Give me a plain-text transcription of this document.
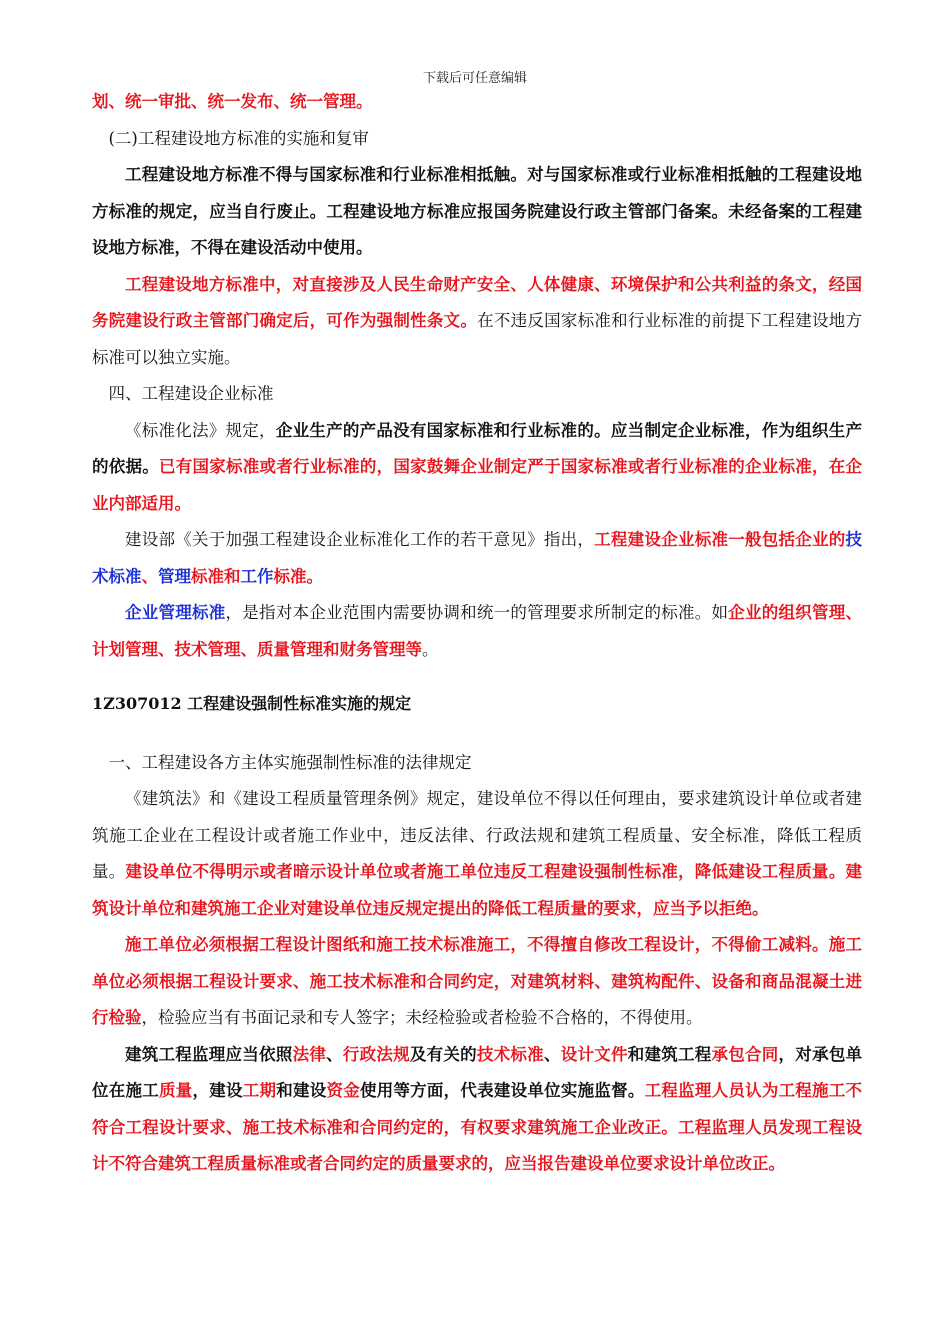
下载后可任意编辑

划、统一审批、统一发布、统一管理。

(二)工程建设地方标准的实施和复审

工程建设地方标准不得与国家标准和行业标准相抵触。对与国家标准或行业标准相抵触的工程建设地方标准的规定，应当自行废止。工程建设地方标准应报国务院建设行政主管部门备案。未经备案的工程建设地方标准，不得在建设活动中使用。

工程建设地方标准中，对直接涉及人民生命财产安全、人体健康、环境保护和公共利益的条文，经国务院建设行政主管部门确定后，可作为强制性条文。在不违反国家标准和行业标准的前提下工程建设地方标准可以独立实施。

四、工程建设企业标准

《标准化法》规定，企业生产的产品没有国家标准和行业标准的。应当制定企业标准，作为组织生产的依据。已有国家标准或者行业标准的，国家鼓舞企业制定严于国家标准或者行业标准的企业标准，在企业内部适用。

建设部《关于加强工程建设企业标准化工作的若干意见》指出，工程建设企业标准一般包括企业的技术标准、管理标准和工作标准。

企业管理标准，是指对本企业范围内需要协调和统一的管理要求所制定的标准。如企业的组织管理、计划管理、技术管理、质量管理和财务管理等。

1Z307012 工程建设强制性标准实施的规定

一、工程建设各方主体实施强制性标准的法律规定

《建筑法》和《建设工程质量管理条例》规定，建设单位不得以任何理由，要求建筑设计单位或者建筑施工企业在工程设计或者施工作业中，违反法律、行政法规和建筑工程质量、安全标准，降低工程质量。建设单位不得明示或者暗示设计单位或者施工单位违反工程建设强制性标准，降低建设工程质量。建筑设计单位和建筑施工企业对建设单位违反规定提出的降低工程质量的要求，应当予以拒绝。

施工单位必须根据工程设计图纸和施工技术标准施工，不得擅自修改工程设计，不得偷工减料。施工单位必须根据工程设计要求、施工技术标准和合同约定，对建筑材料、建筑构配件、设备和商品混凝土进行检验，检验应当有书面记录和专人签字；未经检验或者检验不合格的，不得使用。

建筑工程监理应当依照法律、行政法规及有关的技术标准、设计文件和建筑工程承包合同，对承包单位在施工质量，建设工期和建设资金使用等方面，代表建设单位实施监督。工程监理人员认为工程施工不符合工程设计要求、施工技术标准和合同约定的，有权要求建筑施工企业改正。工程监理人员发现工程设计不符合建筑工程质量标准或者合同约定的质量要求的，应当报告建设单位要求设计单位改正。
